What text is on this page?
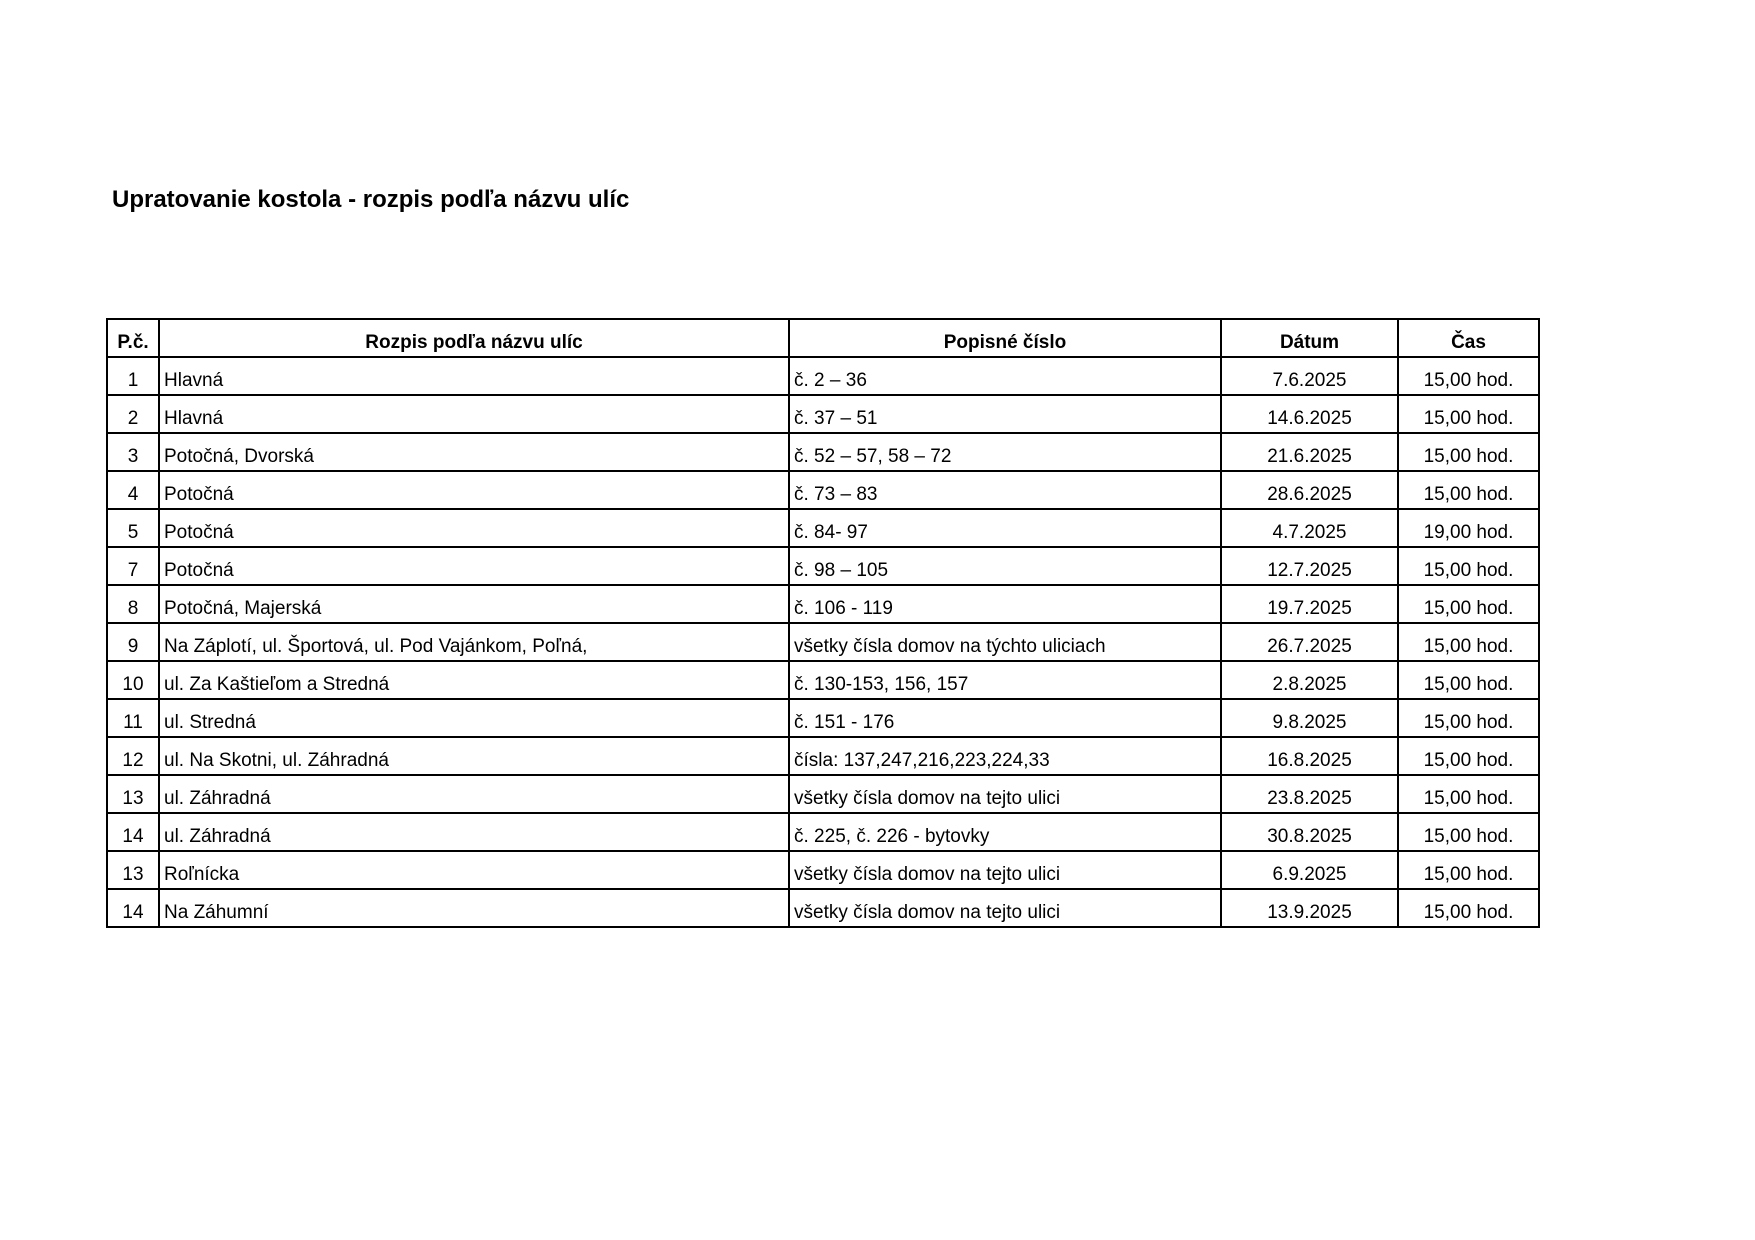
Upratovanie kostola - rozpis podľa názvu ulíc
P.č.	Rozpis podľa názvu ulíc	Popisné číslo	Dátum	Čas
1	Hlavná	č. 2 – 36	7.6.2025	15,00 hod.
2	Hlavná	č. 37 – 51	14.6.2025	15,00 hod.
3	Potočná, Dvorská	č. 52 – 57, 58 – 72	21.6.2025	15,00 hod.
4	Potočná	č. 73 – 83	28.6.2025	15,00 hod.
5	Potočná	č. 84- 97	4.7.2025	19,00 hod.
7	Potočná	č. 98 – 105	12.7.2025	15,00 hod.
8	Potočná, Majerská	č. 106 - 119	19.7.2025	15,00 hod.
9	Na Záplotí, ul. Športová, ul. Pod Vajánkom, Poľná,	všetky čísla domov na týchto uliciach	26.7.2025	15,00 hod.
10	ul. Za Kaštieľom a Stredná	č. 130-153, 156, 157	2.8.2025	15,00 hod.
11	ul. Stredná	č. 151 - 176	9.8.2025	15,00 hod.
12	ul. Na Skotni, ul. Záhradná	čísla: 137,247,216,223,224,33	16.8.2025	15,00 hod.
13	ul. Záhradná	všetky čísla domov na tejto ulici	23.8.2025	15,00 hod.
14	ul. Záhradná	č. 225, č. 226 - bytovky	30.8.2025	15,00 hod.
13	Roľnícka	všetky čísla domov na tejto ulici	6.9.2025	15,00 hod.
14	Na Záhumní	všetky čísla domov na tejto ulici	13.9.2025	15,00 hod.
